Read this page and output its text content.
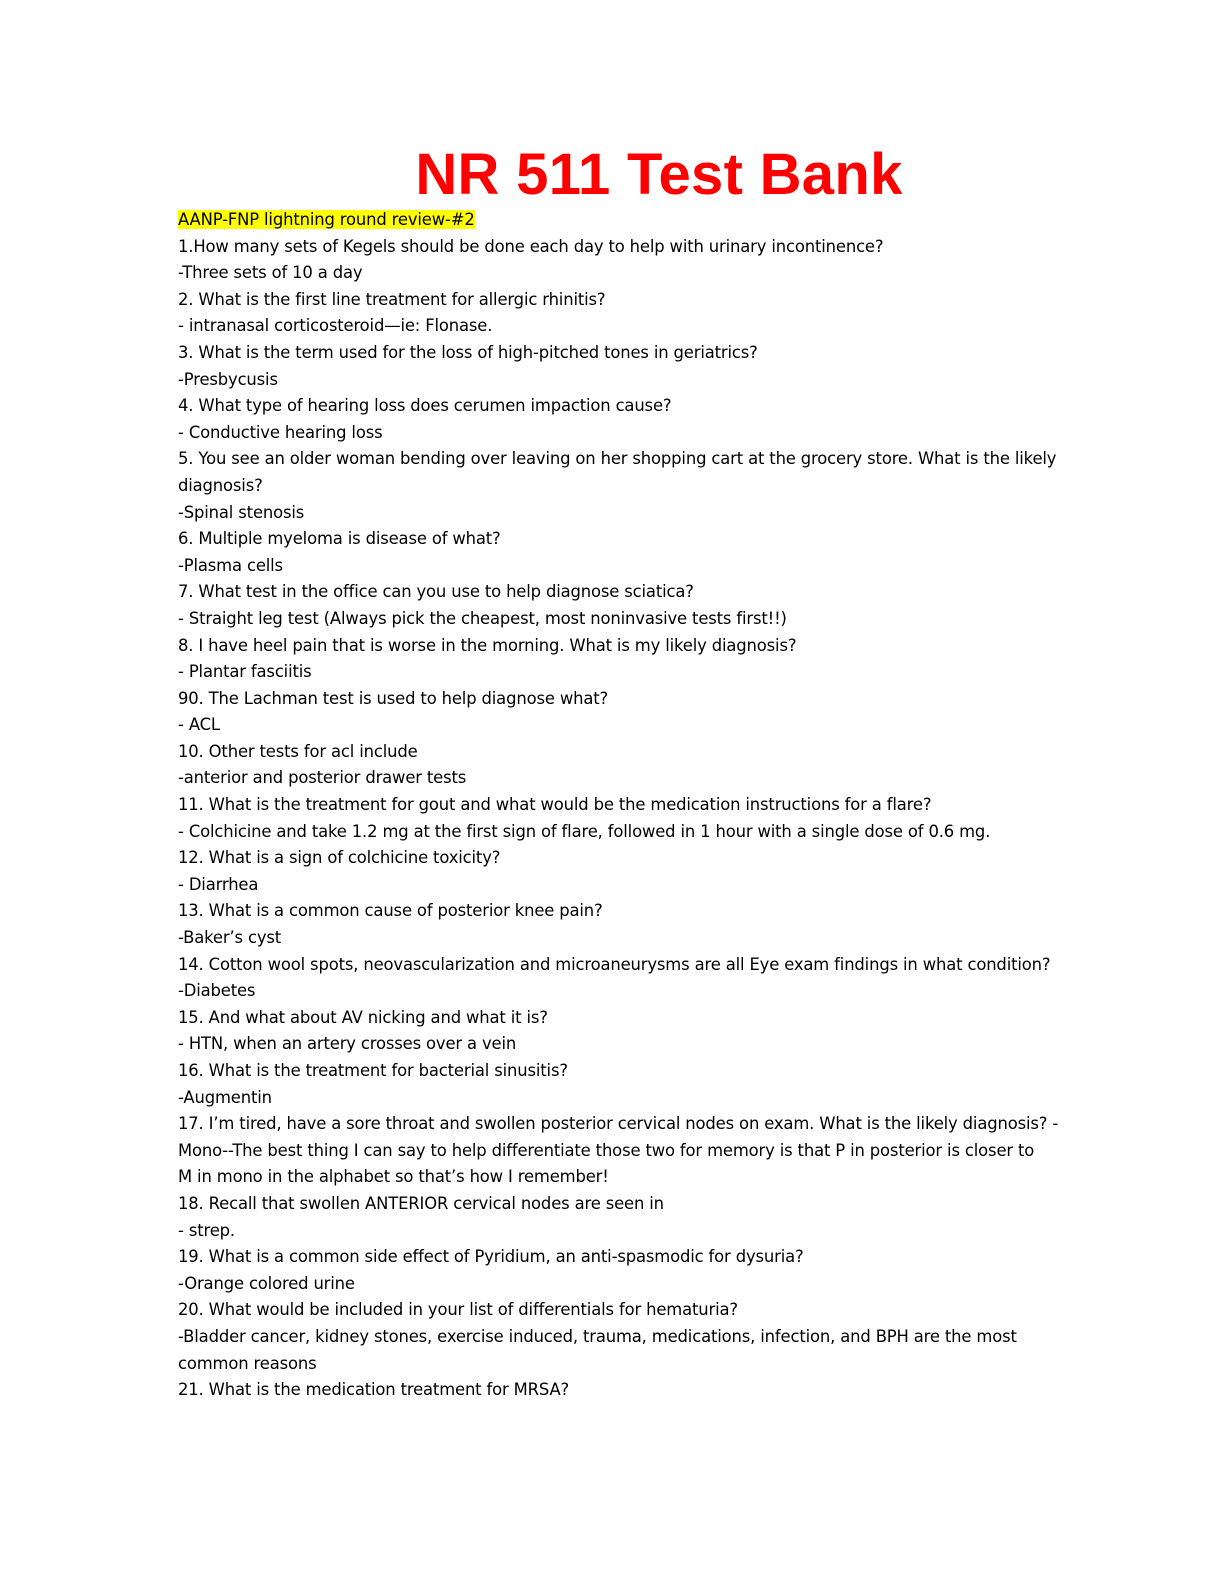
NR 511 Test Bank

AANP-FNP lightning round review-#2

1.How many sets of Kegels should be done each day to help with urinary incontinence?

-Three sets of 10 a day

2. What is the first line treatment for allergic rhinitis?

- intranasal corticosteroid—ie: Flonase.

3. What is the term used for the loss of high-pitched tones in geriatrics?

-Presbycusis

4. What type of hearing loss does cerumen impaction cause?

- Conductive hearing loss

5. You see an older woman bending over leaving on her shopping cart at the grocery store. What is the likely

diagnosis?

-Spinal stenosis

6. Multiple myeloma is disease of what?

-Plasma cells

7. What test in the office can you use to help diagnose sciatica?

- Straight leg test (Always pick the cheapest, most noninvasive tests first!!)

8. I have heel pain that is worse in the morning. What is my likely diagnosis?

- Plantar fasciitis

90. The Lachman test is used to help diagnose what?

- ACL

10. Other tests for acl include

-anterior and posterior drawer tests

11. What is the treatment for gout and what would be the medication instructions for a flare?

- Colchicine and take 1.2 mg at the first sign of flare, followed in 1 hour with a single dose of 0.6 mg.

12. What is a sign of colchicine toxicity?

- Diarrhea

13. What is a common cause of posterior knee pain?

-Baker’s cyst

14. Cotton wool spots, neovascularization and microaneurysms are all Eye exam findings in what condition?

-Diabetes

15. And what about AV nicking and what it is?

- HTN, when an artery crosses over a vein

16. What is the treatment for bacterial sinusitis?

-Augmentin

17. I’m tired, have a sore throat and swollen posterior cervical nodes on exam. What is the likely diagnosis? -

Mono--The best thing I can say to help differentiate those two for memory is that P in posterior is closer to

M in mono in the alphabet so that’s how I remember!

18. Recall that swollen ANTERIOR cervical nodes are seen in

- strep.

19. What is a common side effect of Pyridium, an anti-spasmodic for dysuria?

-Orange colored urine

20. What would be included in your list of differentials for hematuria?

-Bladder cancer, kidney stones, exercise induced, trauma, medications, infection, and BPH are the most

common reasons

21. What is the medication treatment for MRSA?
